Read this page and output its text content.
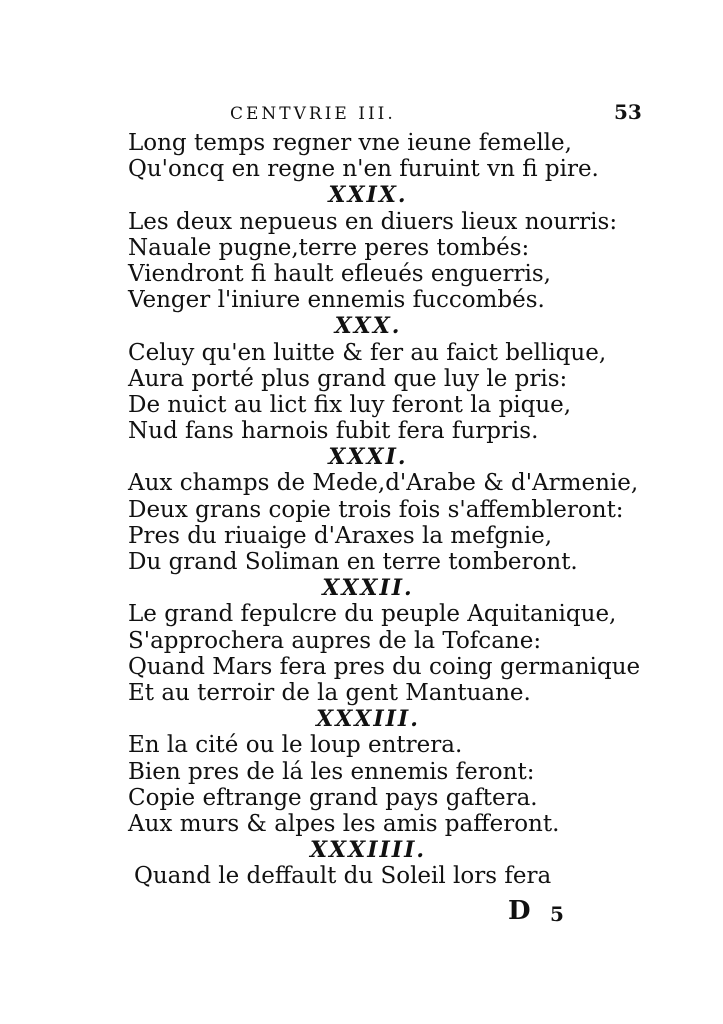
CENTVRIE III.	53
Long temps regner vne ieune femelle,
Qu'oncq en regne n'en furuint vn fi pire.
XXIX.
Les deux nepueus en diuers lieux nourris:
Nauale pugne,terre peres tombés:
Viendront fi hault efleués enguerris,
Venger l'iniure ennemis fuccombés.
XXX.
Celuy qu'en luitte & fer au faict bellique,
Aura porté plus grand que luy le pris:
De nuict au lict fix luy feront la pique,
Nud fans harnois fubit fera furpris.
XXXI.
Aux champs de Mede,d'Arabe & d'Armenie,
Deux grans copie trois fois s'affembleront:
Pres du riuaige d'Araxes la mefgnie,
Du grand Soliman en terre tomberont.
XXXII.
Le grand fepulcre du peuple Aquitanique,
S'approchera aupres de la Tofcane:
Quand Mars fera pres du coing germanique
Et au terroir de la gent Mantuane.
XXXIII.
En la cité ou le loup entrera.
Bien pres de lá les ennemis feront:
Copie eftrange grand pays gaftera.
Aux murs & alpes les amis pafferont.
XXXIIII.
Quand le deffault du Soleil lors fera
D 5
